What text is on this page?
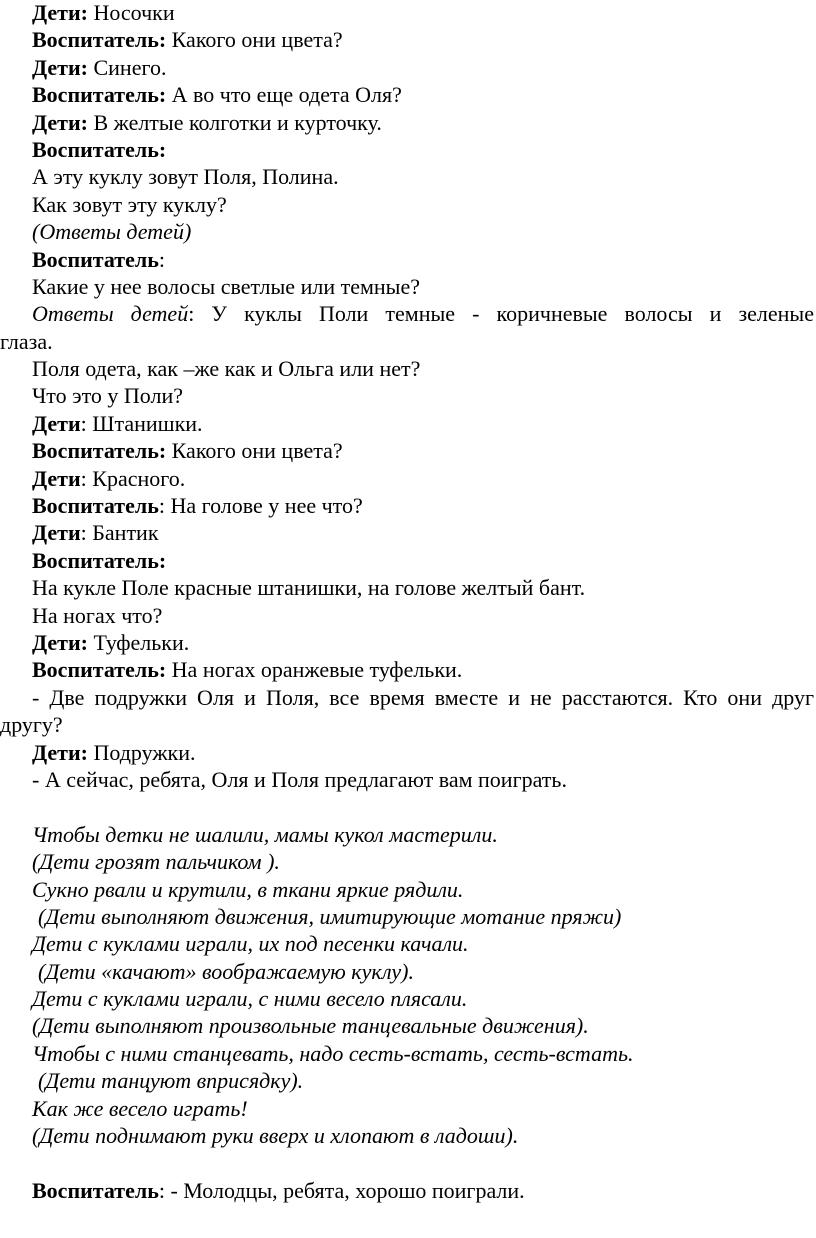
Дети: Носочки
Воспитатель: Какого они цвета?
Дети: Синего.
Воспитатель: А во что еще одета Оля?
Дети: В желтые колготки и курточку.
Воспитатель:
А эту куклу зовут Поля, Полина.
Как зовут эту куклу?
(Ответы детей)
Воспитатель:
Какие у нее волосы светлые или темные?
Ответы детей: У куклы Поли темные - коричневые волосы и зеленые
глаза.
Поля одета, как –же как и Ольга или нет?
Что это у Поли?
Дети: Штанишки.
Воспитатель: Какого они цвета?
Дети: Красного.
Воспитатель: На голове у нее что?
Дети: Бантик
Воспитатель:
На кукле Поле красные штанишки, на голове желтый бант.
На ногах что?
Дети: Туфельки.
Воспитатель: На ногах оранжевые туфельки.
- Две подружки Оля и Поля, все время вместе и не расстаются. Кто они друг
другу?
Дети: Подружки.
- А сейчас, ребята, Оля и Поля предлагают вам поиграть.
Чтобы детки не шалили, мамы кукол мастерили.
(Дети грозят пальчиком ).
Сукно рвали и крутили, в ткани яркие рядили.
(Дети выполняют движения, имитирующие мотание пряжи)
Дети с куклами играли, их под песенки качали.
(Дети «качают» воображаемую куклу).
Дети с куклами играли, с ними весело плясали.
(Дети выполняют произвольные танцевальные движения).
Чтобы с ними станцевать, надо сесть-встать, сесть-встать.
(Дети танцуют вприсядку).
Как же весело играть!
(Дети поднимают руки вверх и хлопают в ладоши).
Воспитатель: - Молодцы, ребята, хорошо поиграли.
